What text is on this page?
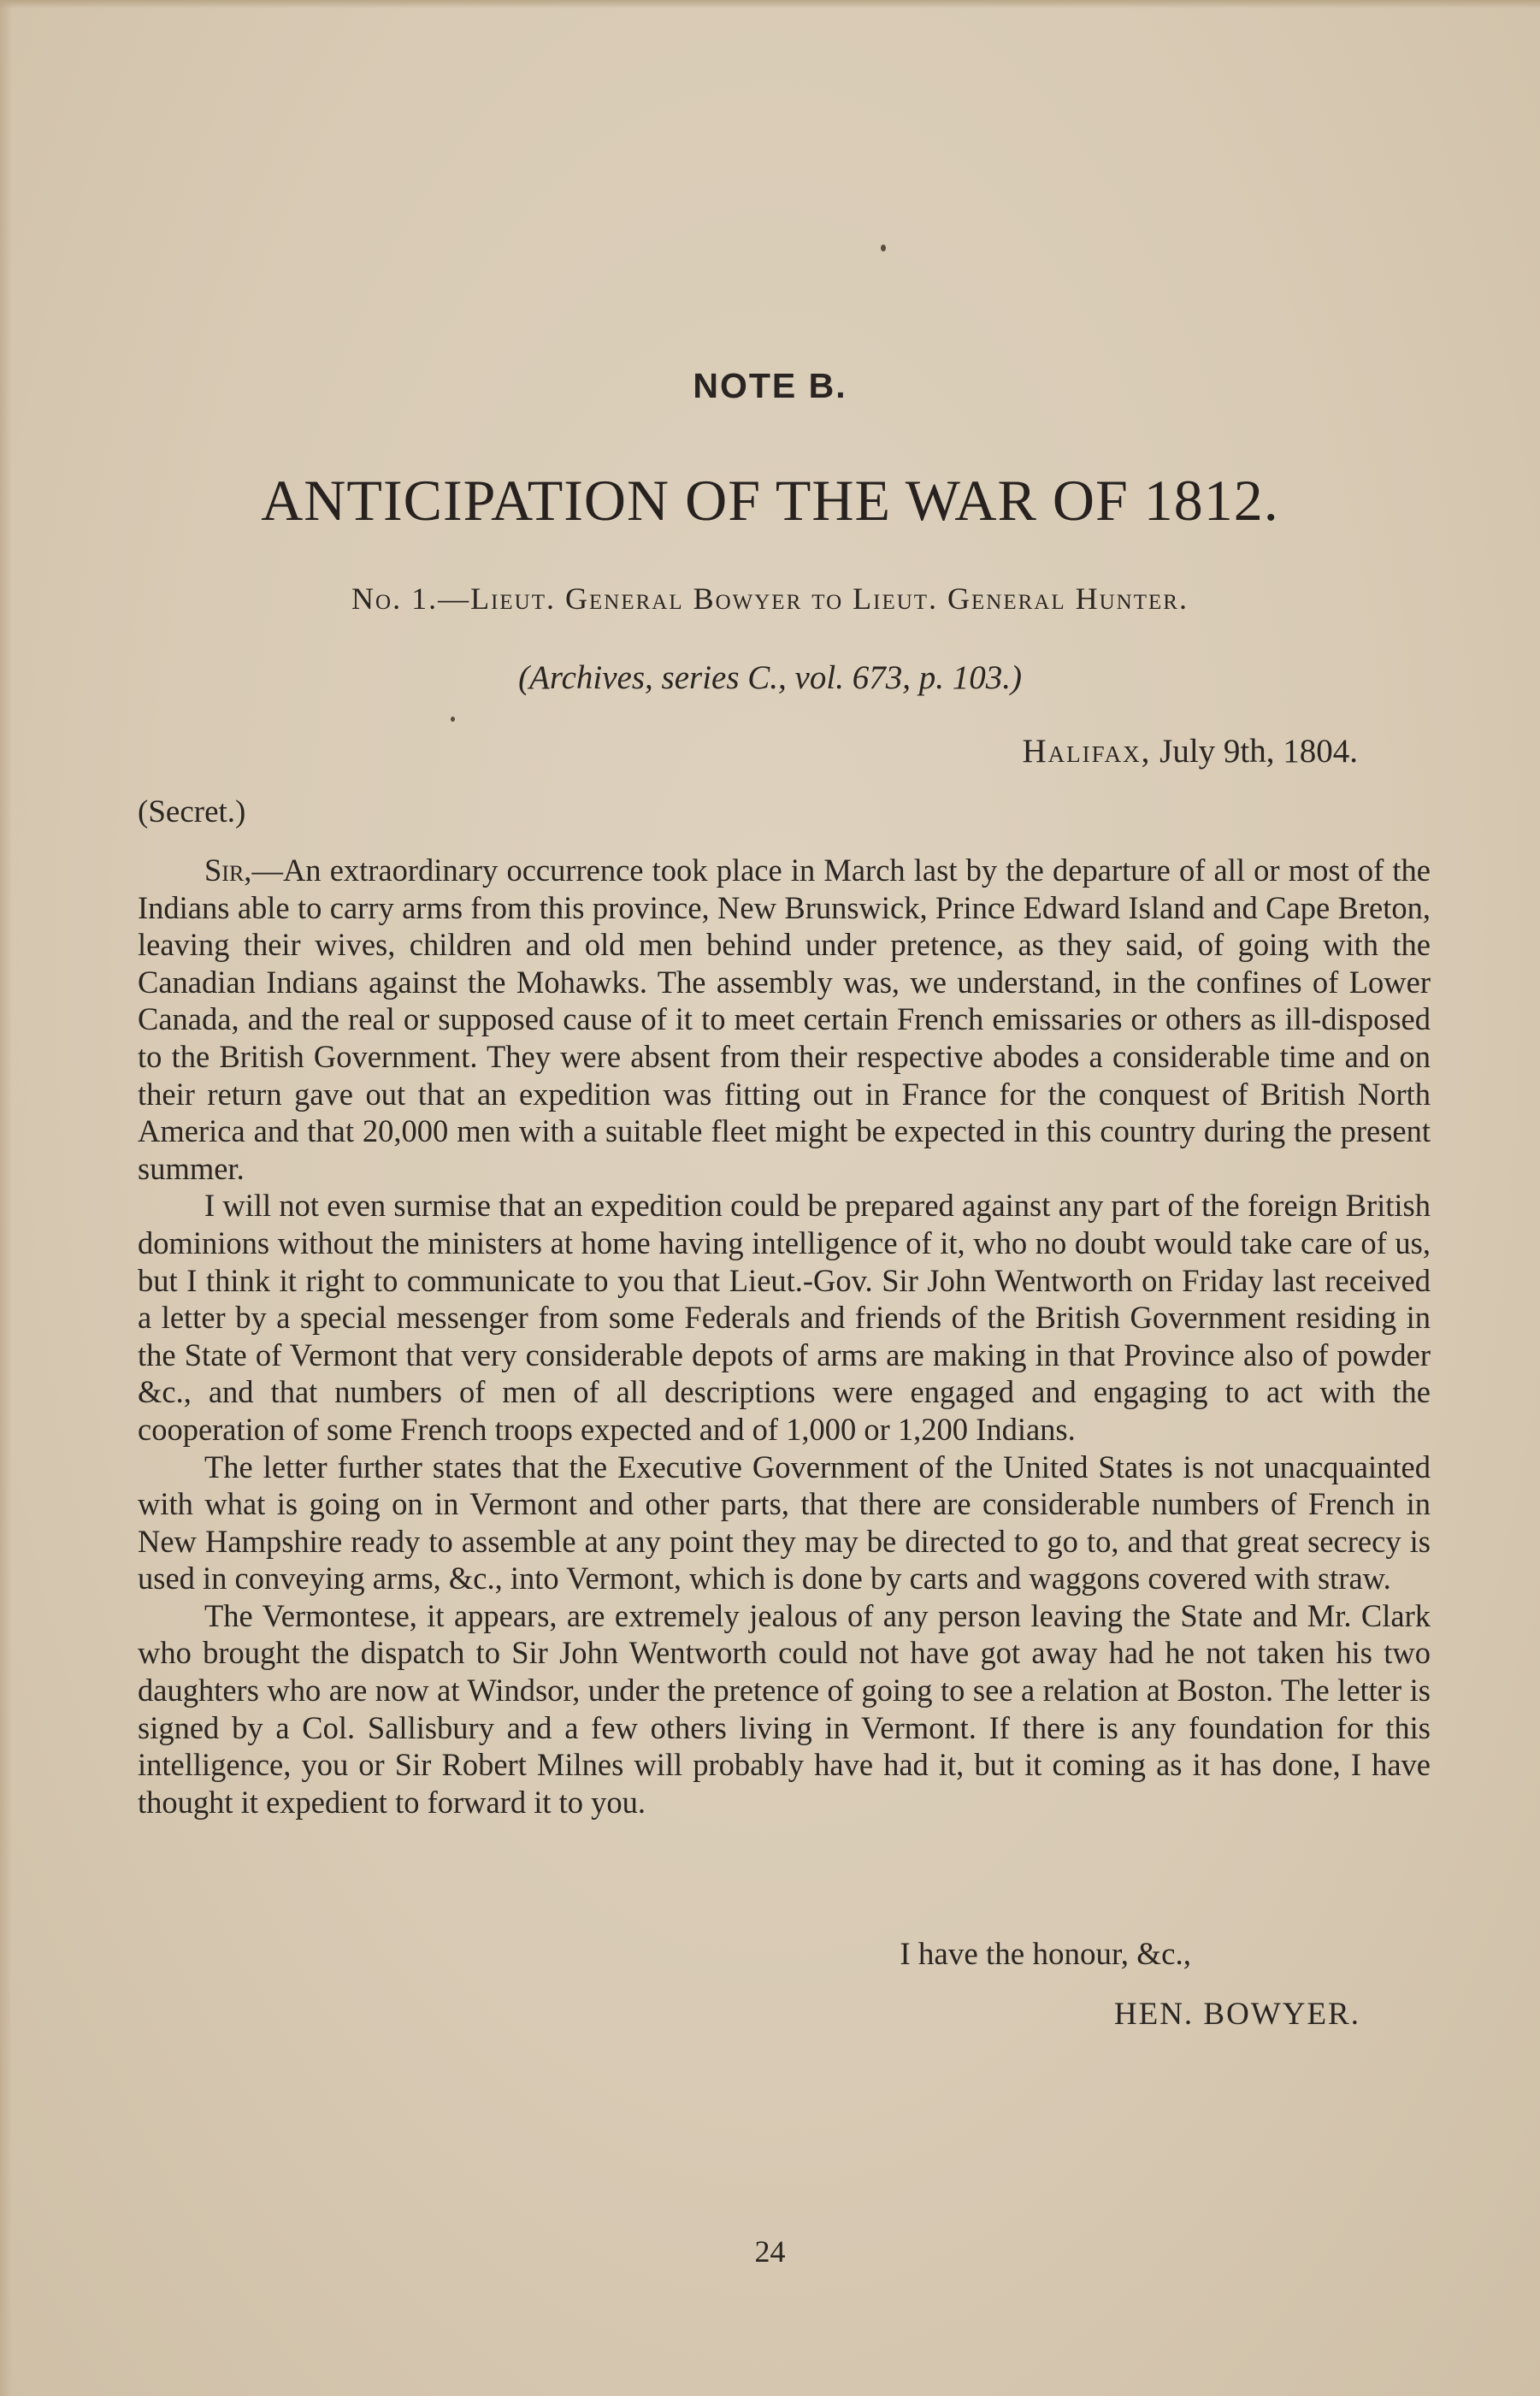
NOTE B.
ANTICIPATION OF THE WAR OF 1812.
No. 1.—Lieut. General Bowyer to Lieut. General Hunter.
(Archives, series C., vol. 673, p. 103.)
Halifax, July 9th, 1804.
(Secret.)

Sir,—An extraordinary occurrence took place in March last by the departure of all or most of the Indians able to carry arms from this province, New Brunswick, Prince Edward Island and Cape Breton, leaving their wives, children and old men behind under pretence, as they said, of going with the Canadian Indians against the Mohawks. The assembly was, we understand, in the confines of Lower Canada, and the real or supposed cause of it to meet certain French emissaries or others as ill-disposed to the British Government. They were absent from their respective abodes a considerable time and on their return gave out that an expedition was fitting out in France for the conquest of British North America and that 20,000 men with a suitable fleet might be expected in this country during the present summer.

I will not even surmise that an expedition could be prepared against any part of the foreign British dominions without the ministers at home having intelligence of it, who no doubt would take care of us, but I think it right to communicate to you that Lieut.-Gov. Sir John Wentworth on Friday last received a letter by a special messenger from some Federals and friends of the British Government residing in the State of Vermont that very considerable depots of arms are making in that Province also of powder &c., and that numbers of men of all descriptions were engaged and engaging to act with the cooperation of some French troops expected and of 1,000 or 1,200 Indians.

The letter further states that the Executive Government of the United States is not unacquainted with what is going on in Vermont and other parts, that there are considerable numbers of French in New Hampshire ready to assemble at any point they may be directed to go to, and that great secrecy is used in conveying arms, &c., into Vermont, which is done by carts and waggons covered with straw.

The Vermontese, it appears, are extremely jealous of any person leaving the State and Mr. Clark who brought the dispatch to Sir John Wentworth could not have got away had he not taken his two daughters who are now at Windsor, under the pretence of going to see a relation at Boston. The letter is signed by a Col. Sallisbury and a few others living in Vermont. If there is any foundation for this intelligence, you or Sir Robert Milnes will probably have had it, but it coming as it has done, I have thought it expedient to forward it to you.

I have the honour, &c.,
HEN. BOWYER.
24
